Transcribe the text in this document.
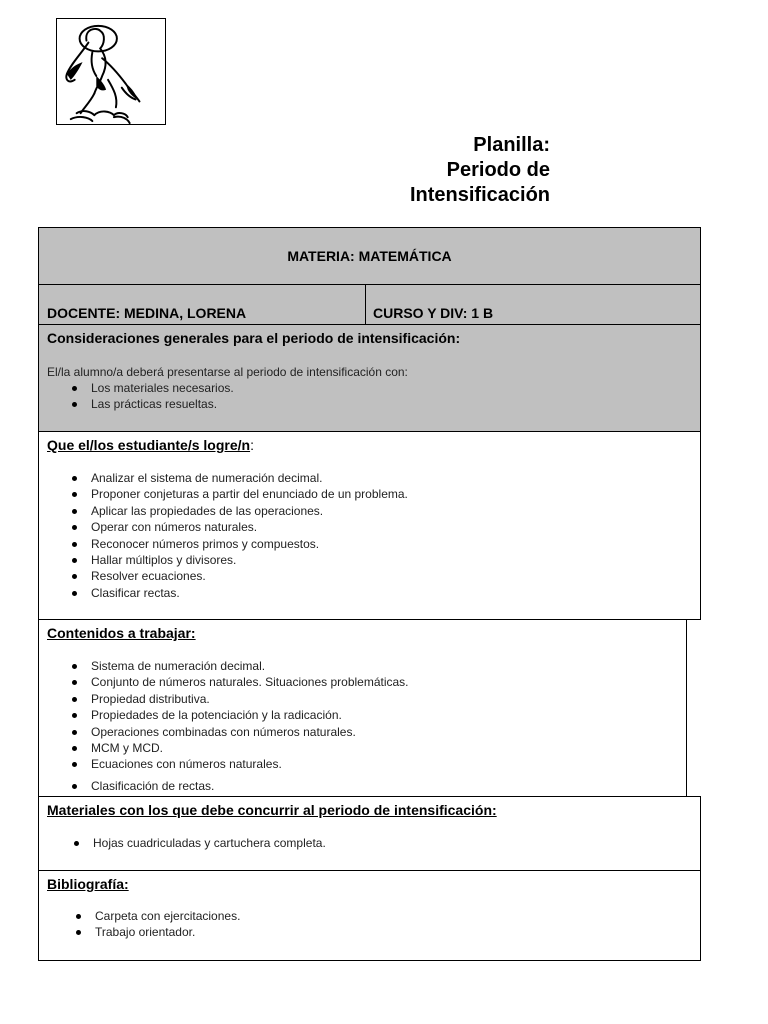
Planilla:
Periodo de
Intensificación
MATERIA: MATEMÁTICA
DOCENTE: MEDINA, LORENA	CURSO Y DIV: 1 B
Consideraciones generales para el periodo de intensificación:
El/la alumno/a deberá presentarse al periodo de intensificación con:
Los materiales necesarios.
Las prácticas resueltas.
Que el/los estudiante/s logre/n:
Analizar el sistema de numeración decimal.
Proponer conjeturas a partir del enunciado de un problema.
Aplicar las propiedades de las operaciones.
Operar con números naturales.
Reconocer números primos y compuestos.
Hallar múltiplos y divisores.
Resolver ecuaciones.
Clasificar rectas.
Contenidos a trabajar:
Sistema de numeración decimal.
Conjunto de números naturales. Situaciones problemáticas.
Propiedad distributiva.
Propiedades de la potenciación y la radicación.
Operaciones combinadas con números naturales.
MCM y MCD.
Ecuaciones con números naturales.
Clasificación de rectas.
Materiales con los que debe concurrir al periodo de intensificación:
Hojas cuadriculadas y cartuchera completa.
Bibliografía:
Carpeta con ejercitaciones.
Trabajo orientador.
